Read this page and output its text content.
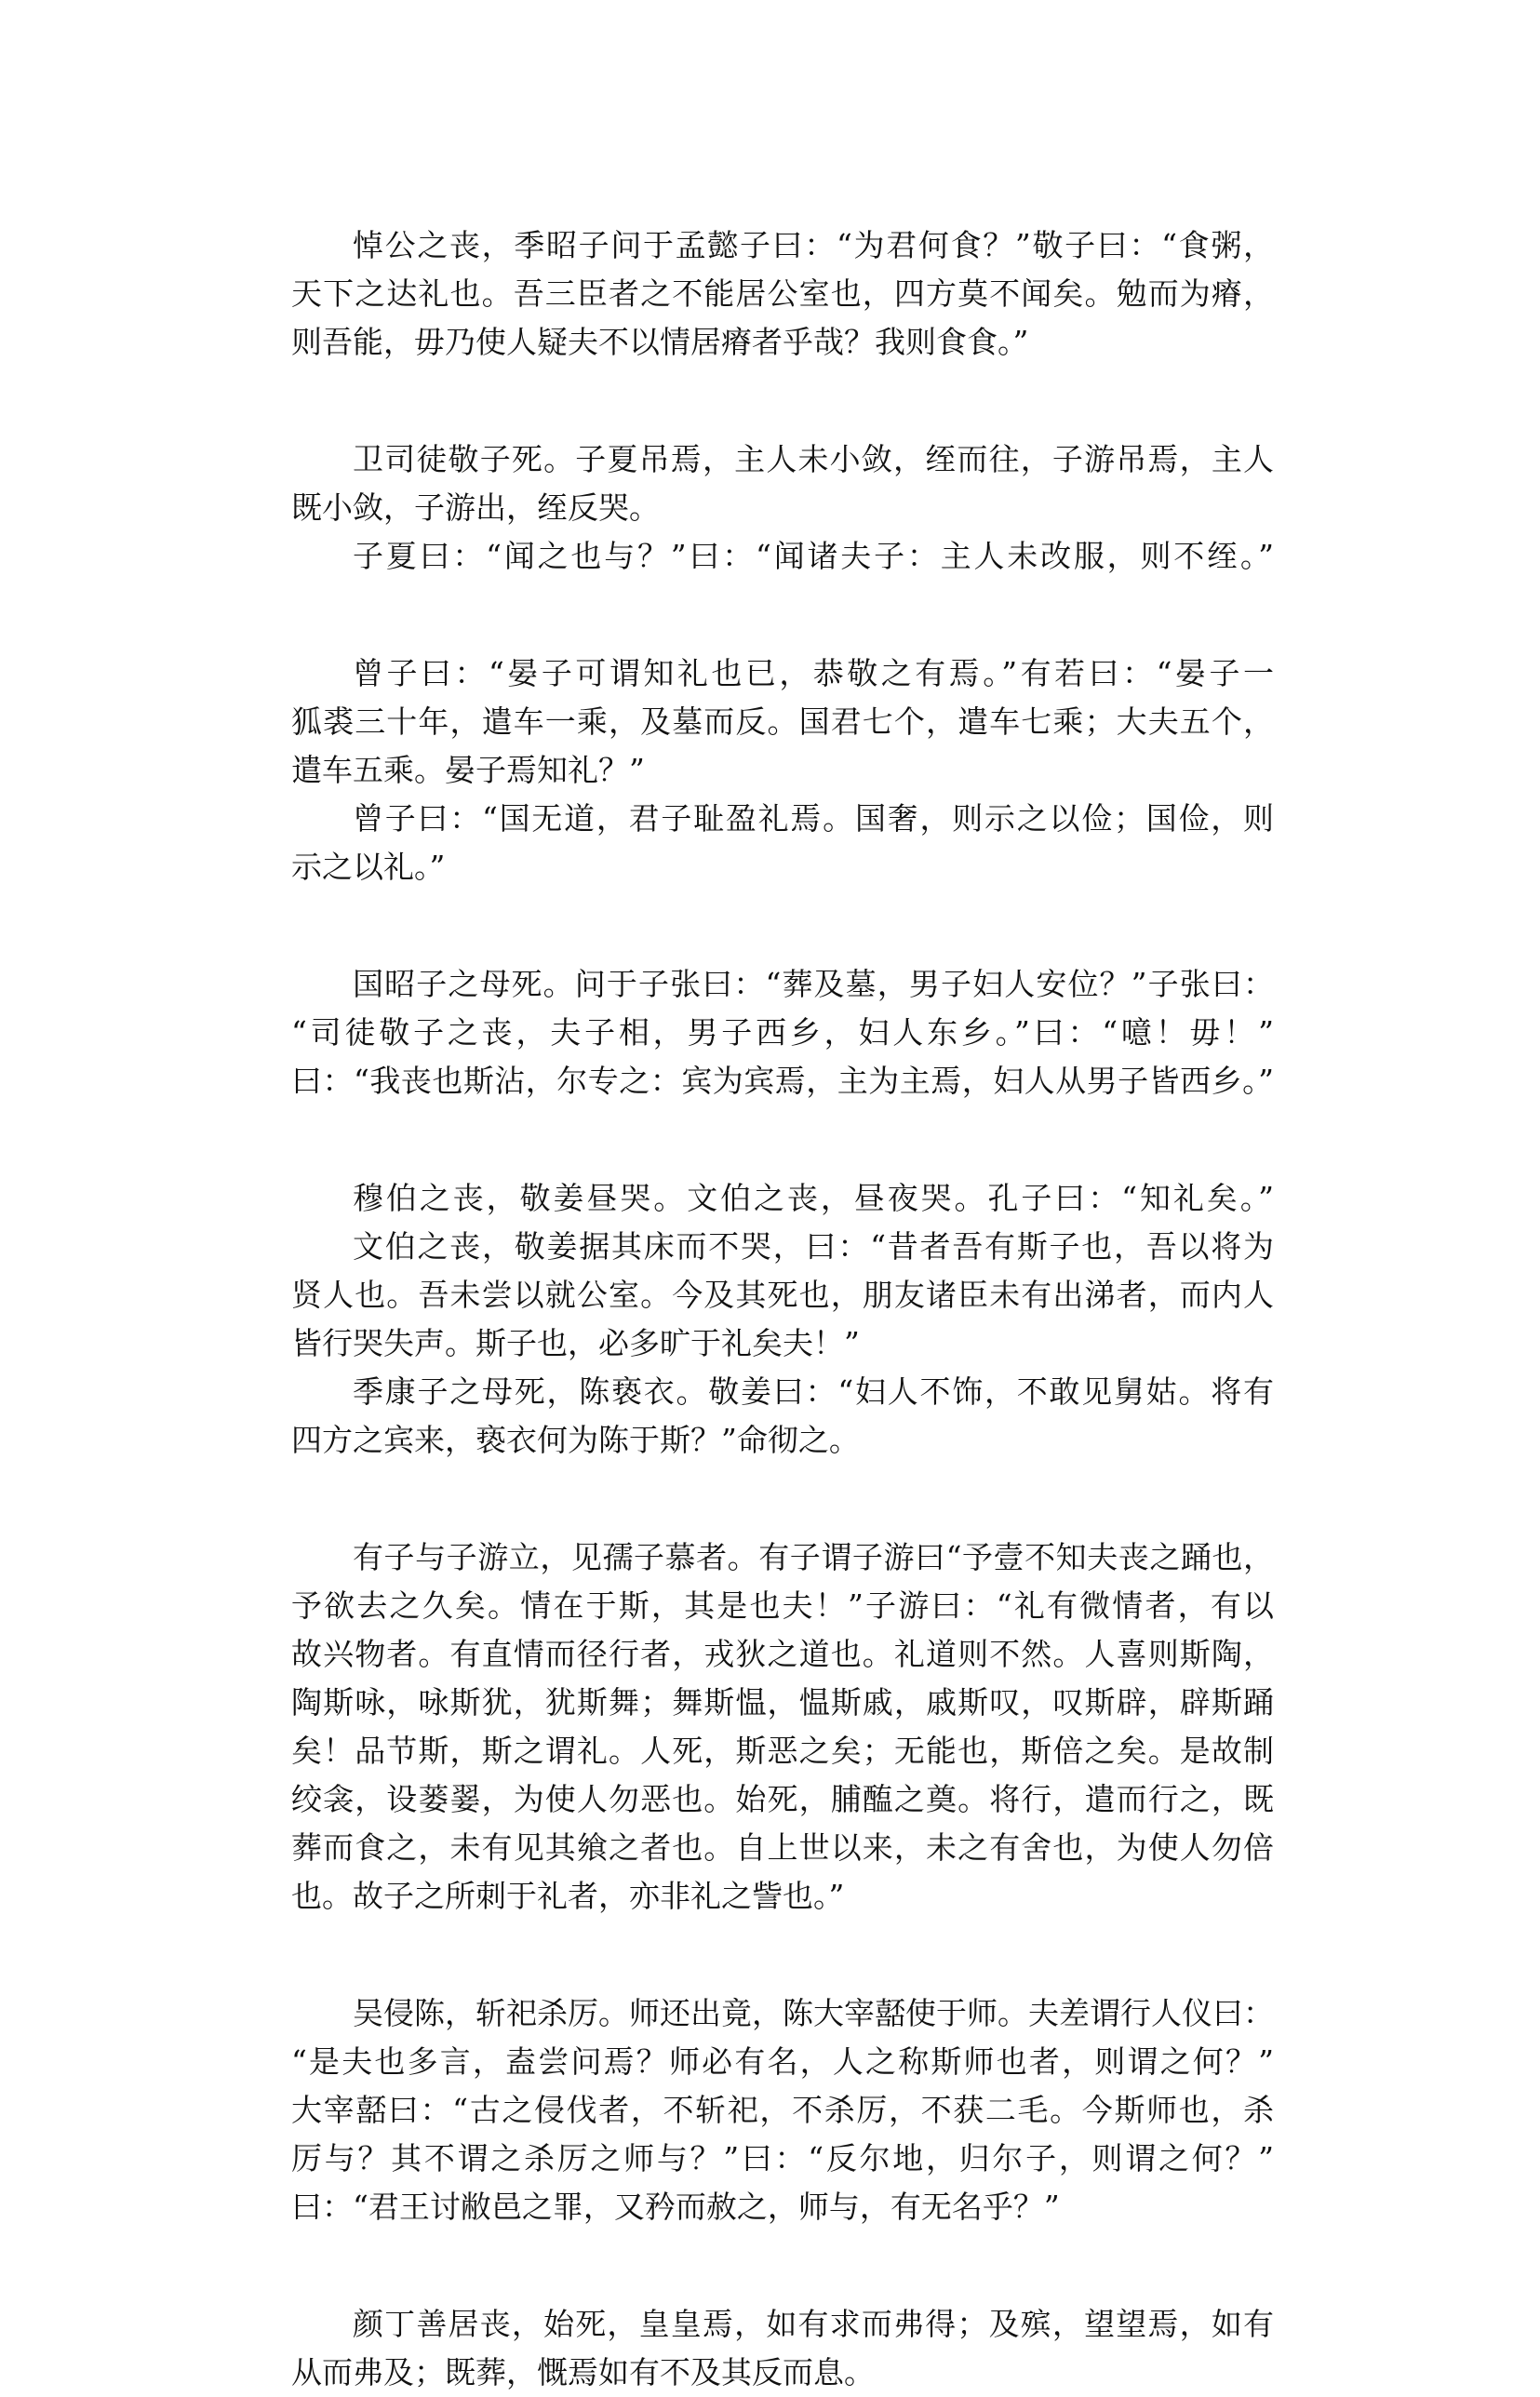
悼公之丧，季昭子问于孟懿子曰：“为君何食？”敬子曰：“食粥，
天下之达礼也。吾三臣者之不能居公室也，四方莫不闻矣。勉而为瘠，
则吾能，毋乃使人疑夫不以情居瘠者乎哉？我则食食。”
卫司徒敬子死。子夏吊焉，主人未小敛，绖而往，子游吊焉，主人
既小敛，子游出，绖反哭。
子夏曰：“闻之也与？”曰：“闻诸夫子：主人未改服，则不绖。”
曾子曰：“晏子可谓知礼也已，恭敬之有焉。”有若曰：“晏子一
狐裘三十年，遣车一乘，及墓而反。国君七个，遣车七乘；大夫五个，
遣车五乘。晏子焉知礼？”
曾子曰：“国无道，君子耻盈礼焉。国奢，则示之以俭；国俭，则
示之以礼。”
国昭子之母死。问于子张曰：“葬及墓，男子妇人安位？”子张曰：
“司徒敬子之丧，夫子相，男子西乡，妇人东乡。”曰：“噫！毋！”
曰：“我丧也斯沾，尔专之：宾为宾焉，主为主焉，妇人从男子皆西乡。”
穆伯之丧，敬姜昼哭。文伯之丧，昼夜哭。孔子曰：“知礼矣。”
文伯之丧，敬姜据其床而不哭，曰：“昔者吾有斯子也，吾以将为
贤人也。吾未尝以就公室。今及其死也，朋友诸臣未有出涕者，而内人
皆行哭失声。斯子也，必多旷于礼矣夫！”
季康子之母死，陈亵衣。敬姜曰：“妇人不饰，不敢见舅姑。将有
四方之宾来，亵衣何为陈于斯？”命彻之。
有子与子游立，见孺子慕者。有子谓子游曰“予壹不知夫丧之踊也，
予欲去之久矣。情在于斯，其是也夫！”子游曰：“礼有微情者，有以
故兴物者。有直情而径行者，戎狄之道也。礼道则不然。人喜则斯陶，
陶斯咏，咏斯犹，犹斯舞；舞斯愠，愠斯戚，戚斯叹，叹斯辟，辟斯踊
矣！品节斯，斯之谓礼。人死，斯恶之矣；无能也，斯倍之矣。是故制
绞衾，设蒌翣，为使人勿恶也。始死，脯醢之奠。将行，遣而行之，既
葬而食之，未有见其飨之者也。自上世以来，未之有舍也，为使人勿倍
也。故子之所刺于礼者，亦非礼之訾也。”
吴侵陈，斩祀杀厉。师还出竟，陈大宰嚭使于师。夫差谓行人仪曰：
“是夫也多言，盍尝问焉？师必有名，人之称斯师也者，则谓之何？”
大宰嚭曰：“古之侵伐者，不斩祀，不杀厉，不获二毛。今斯师也，杀
厉与？其不谓之杀厉之师与？”曰：“反尔地，归尔子，则谓之何？”
曰：“君王讨敝邑之罪，又矜而赦之，师与，有无名乎？”
颜丁善居丧，始死，皇皇焉，如有求而弗得；及殡，望望焉，如有
从而弗及；既葬，慨焉如有不及其反而息。
